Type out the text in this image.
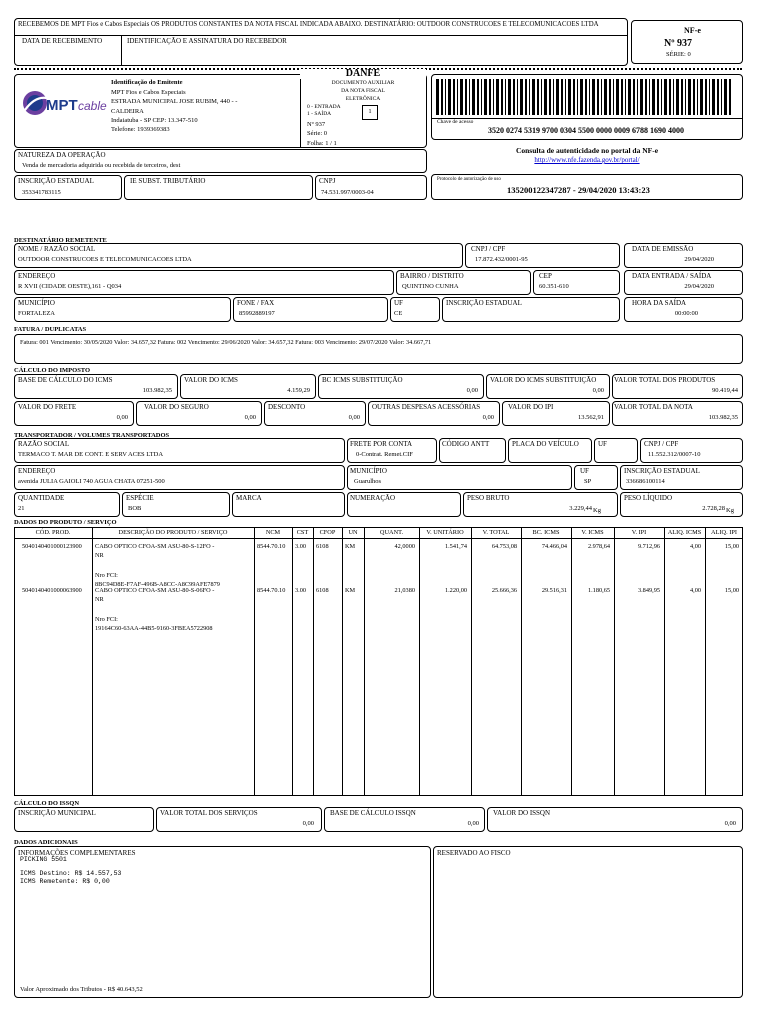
RECEBEMOS DE MPT Fios e Cabos Especiais OS PRODUTOS CONSTANTES DA NOTA FISCAL INDICADA ABAIXO. DESTINATÁRIO: OUTDOOR CONSTRUCOES E TELECOMUNICACOES LTDA
DATA DE RECEBIMENTO	IDENTIFICAÇÃO E ASSINATURA DO RECEBEDOR
NF-e
Nº 937
SÉRIE: 0
MPT cable
Identificação do Emitente
MPT Fios e Cabos Especiais
ESTRADA MUNICIPAL JOSE RUBIM, 440 - -
CALDEIRA
Indaiatuba - SP CEP: 13.347-510
Telefone: 1939369383
DANFE
DOCUMENTO AUXILIAR
DA NOTA FISCAL
ELETRÔNICA
0 - ENTRADA
1 - SAÍDA	1
Nº 937
Série: 0
Folha: 1 / 1
Chave de acesso
3520 0274 5319 9700 0304 5500 0000 0009 6788 1690 4000
Consulta de autenticidade no portal da NF-e
http://www.nfe.fazenda.gov.br/portal/
NATUREZA DA OPERAÇÃO
Venda de mercadoria adquirida ou recebida de terceiros, dest
Protocolo de autorização de uso
135200122347287 - 29/04/2020 13:43:23
INSCRIÇÃO ESTADUAL
353341783115
IE SUBST. TRIBUTÁRIO	CNPJ
74.531.997/0003-04
DESTINATÁRIO REMETENTE
NOME / RAZÃO SOCIAL
OUTDOOR CONSTRUCOES E TELECOMUNICACOES LTDA
CNPJ / CPF
17.872.432/0001-95
DATA DE EMISSÃO
29/04/2020
ENDEREÇO
R XVII (CIDADE OESTE),161 - Q034
BAIRRO / DISTRITO
QUINTINO CUNHA
CEP
60.351-610
DATA ENTRADA / SAÍDA
29/04/2020
MUNICÍPIO
FORTALEZA
FONE / FAX
85992889197
UF
CE
INSCRIÇÃO ESTADUAL	HORA DA SAÍDA
00:00:00
FATURA / DUPLICATAS
Fatura: 001 Vencimento: 30/05/2020 Valor: 34.657,32 Fatura: 002 Vencimento: 29/06/2020 Valor: 34.657,32 Fatura: 003 Vencimento: 29/07/2020 Valor: 34.667,71
CÁLCULO DO IMPOSTO
BASE DE CÁLCULO DO ICMS
103.982,35
VALOR DO ICMS
4.159,29
BC ICMS SUBSTITUIÇÃO
0,00
VALOR DO ICMS SUBSTITUIÇÃO
0,00
VALOR TOTAL DOS PRODUTOS
90.419,44
VALOR DO FRETE
0,00
VALOR DO SEGURO
0,00
DESCONTO
0,00
OUTRAS DESPESAS ACESSÓRIAS
0,00
VALOR DO IPI
13.562,91
VALOR TOTAL DA NOTA
103.982,35
TRANSPORTADOR / VOLUMES TRANSPORTADOS
RAZÃO SOCIAL
TERMACO T. MAR DE CONT. E SERV ACES LTDA
FRETE POR CONTA
0-Contrat. Remet.CIF
CÓDIGO ANTT	PLACA DO VEÍCULO	UF	CNPJ / CPF
11.552.312/0007-10
ENDEREÇO
avenida JULIA GAIOLI 740 AGUA CHATA 07251-500
MUNICÍPIO
Guarulhos
UF
SP
INSCRIÇÃO ESTADUAL
336686100114
QUANTIDADE
21
ESPÉCIE
BOB
MARCA	NUMERAÇÃO	PESO BRUTO
3.229,44 Kg
PESO LÍQUIDO
2.728,28 Kg
DADOS DO PRODUTO / SERVIÇO
CÓD. PROD.	DESCRIÇÃO DO PRODUTO / SERVIÇO	NCM	CST	CFOP	UN	QUANT.	V. UNITÁRIO	V. TOTAL	BC. ICMS	V. ICMS	V. IPI	ALIQ. ICMS	ALIQ. IPI
5040140401000123900 CABO OPTICO CFOA-SM ASU-80-S-12FO -
NR
Nro FCI:
8BC94D8E-F7AF-496B-A8CC-A8C99AFE7879
8544.70.10 3.00 6108	KM	42,0000	1.541,74	64.753,08	74.466,04	2.978,64	9.712,96	4,00	15,00
5040140401000063900 CABO OPTICO CFOA-SM ASU-80-S-06FO -
NR
Nro FCI:
19164C60-63AA-44B5-9160-3FBEA5722908
8544.70.10 3.00 6108	KM	21,0380	1.220,00	25.666,36	29.516,31	1.180,65	3.849,95	4,00	15,00
CÁLCULO DO ISSQN
INSCRIÇÃO MUNICIPAL	VALOR TOTAL DOS SERVIÇOS
0,00
BASE DE CÁLCULO ISSQN
0,00
VALOR DO ISSQN
0,00
DADOS ADICIONAIS
INFORMAÇÕES COMPLEMENTARES
PICKING 5501
ICMS Destino: R$ 14.557,53
ICMS Remetente: R$ 0,00
Valor Aproximado dos Tributos - R$ 40.643,52
RESERVADO AO FISCO
